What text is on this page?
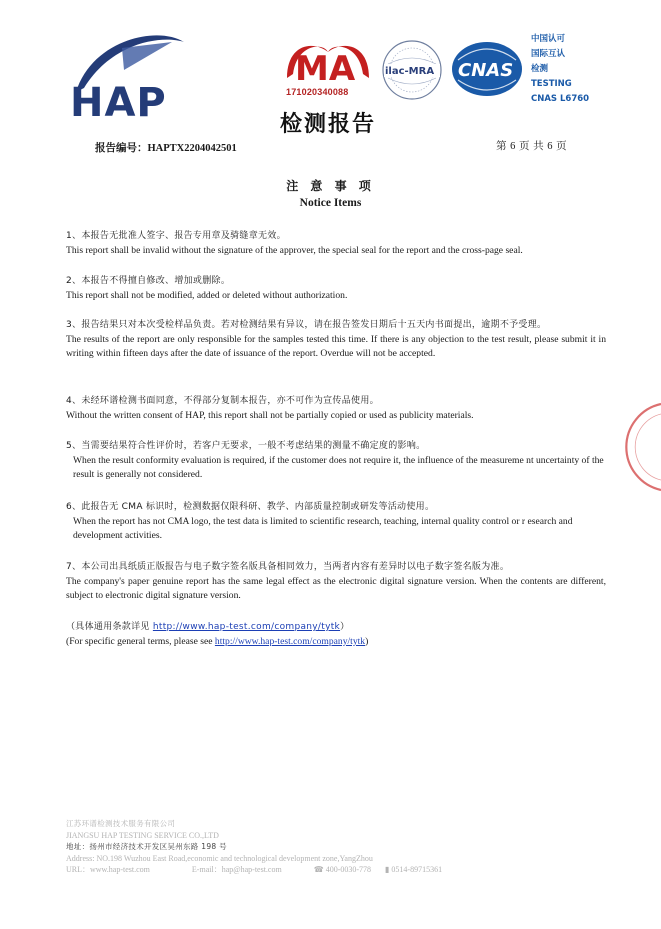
HAP
MA
171020340088
ilac-MRA CNAS
中国认可
国际互认
检测
TESTING
CNAS L6760
检测报告
报告编号：HAPTX2204042501	第 6 页 共 6 页
注 意 事 项
Notice Items
1、本报告无批准人签字、报告专用章及骑缝章无效。
This report shall be invalid without the signature of the approver, the special seal for the report and the cross-page seal.
2、本报告不得擅自修改、增加或删除。
This report shall not be modified, added or deleted without authorization.
3、报告结果只对本次受检样品负责。若对检测结果有异议，请在报告签发日期后十五天内书面提出，逾期不予受理。
The results of the report are only responsible for the samples tested this time. If there is any objection to the test result, please submit it in writing within fifteen days after the date of issuance of the report. Overdue will not be accepted.
4、未经环谱检测书面同意，不得部分复制本报告，亦不可作为宣传品使用。
Without the written consent of HAP, this report shall not be partially copied or used as publicity materials.
5、当需要结果符合性评价时，若客户无要求，一般不考虑结果的测量不确定度的影响。
When the result conformity evaluation is required, if the customer does not require it, the influence of the measureme nt uncertainty of the result is generally not considered.
6、此报告无 CMA 标识时，检测数据仅限科研、教学、内部质量控制或研发等活动使用。
When the report has not CMA logo, the test data is limited to scientific research, teaching, internal quality control or r esearch and development activities.
7、本公司出具纸质正版报告与电子数字签名版具备相同效力，当两者内容有差异时以电子数字签名版为准。
The company's paper genuine report has the same legal effect as the electronic digital signature version. When the contents are different, subject to electronic digital signature version.
（具体通用条款详见 http://www.hap-test.com/company/tytk）
(For specific general terms, please see http://www.hap-test.com/company/tytk)
江苏环谱检测技术服务有限公司
JIANGSU HAP TESTING SERVICE CO.,LTD
地址：扬州市经济技术开发区吴州东路 198 号
Address: NO.198 Wuzhou East Road,economic and technological development zone,YangZhou
URL：www.hap-test.com	E-mail：hap@hap-test.com	☎ 400-0030-778 ▮ 0514-89715361
